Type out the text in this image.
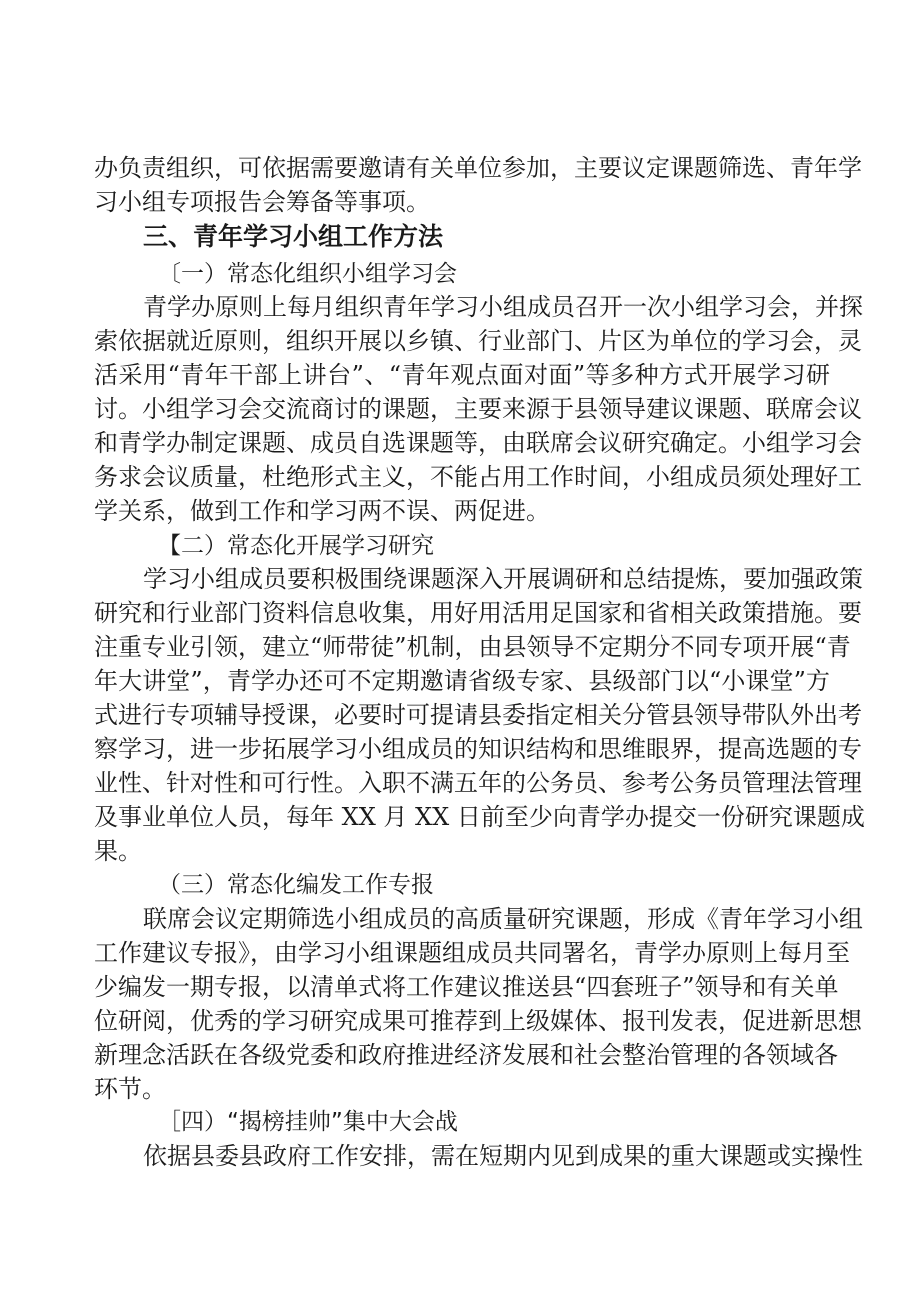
办负责组织，可依据需要邀请有关单位参加，主要议定课题筛选、青年学
习小组专项报告会筹备等事项。
三、青年学习小组工作方法
〔一）常态化组织小组学习会
青学办原则上每月组织青年学习小组成员召开一次小组学习会，并探
索依据就近原则，组织开展以乡镇、行业部门、片区为单位的学习会，灵
活采用“青年干部上讲台”、“青年观点面对面”等多种方式开展学习研
讨。小组学习会交流商讨的课题，主要来源于县领导建议课题、联席会议
和青学办制定课题、成员自选课题等，由联席会议研究确定。小组学习会
务求会议质量，杜绝形式主义，不能占用工作时间，小组成员须处理好工
学关系，做到工作和学习两不误、两促进。
【二）常态化开展学习研究
学习小组成员要积极围绕课题深入开展调研和总结提炼，要加强政策
研究和行业部门资料信息收集，用好用活用足国家和省相关政策措施。要
注重专业引领，建立“师带徒”机制，由县领导不定期分不同专项开展“青
年大讲堂”，青学办还可不定期邀请省级专家、县级部门以“小课堂”方
式进行专项辅导授课，必要时可提请县委指定相关分管县领导带队外出考
察学习，进一步拓展学习小组成员的知识结构和思维眼界，提高选题的专
业性、针对性和可行性。入职不满五年的公务员、参考公务员管理法管理
及事业单位人员，每年 XX 月 XX 日前至少向青学办提交一份研究课题成
果。
（三）常态化编发工作专报
联席会议定期筛选小组成员的高质量研究课题，形成《青年学习小组
工作建议专报》，由学习小组课题组成员共同署名，青学办原则上每月至
少编发一期专报，以清单式将工作建议推送县“四套班子”领导和有关单
位研阅，优秀的学习研究成果可推荐到上级媒体、报刊发表，促进新思想
新理念活跃在各级党委和政府推进经济发展和社会整治管理的各领域各
环节。
［四）“揭榜挂帅”集中大会战
依据县委县政府工作安排，需在短期内见到成果的重大课题或实操性
